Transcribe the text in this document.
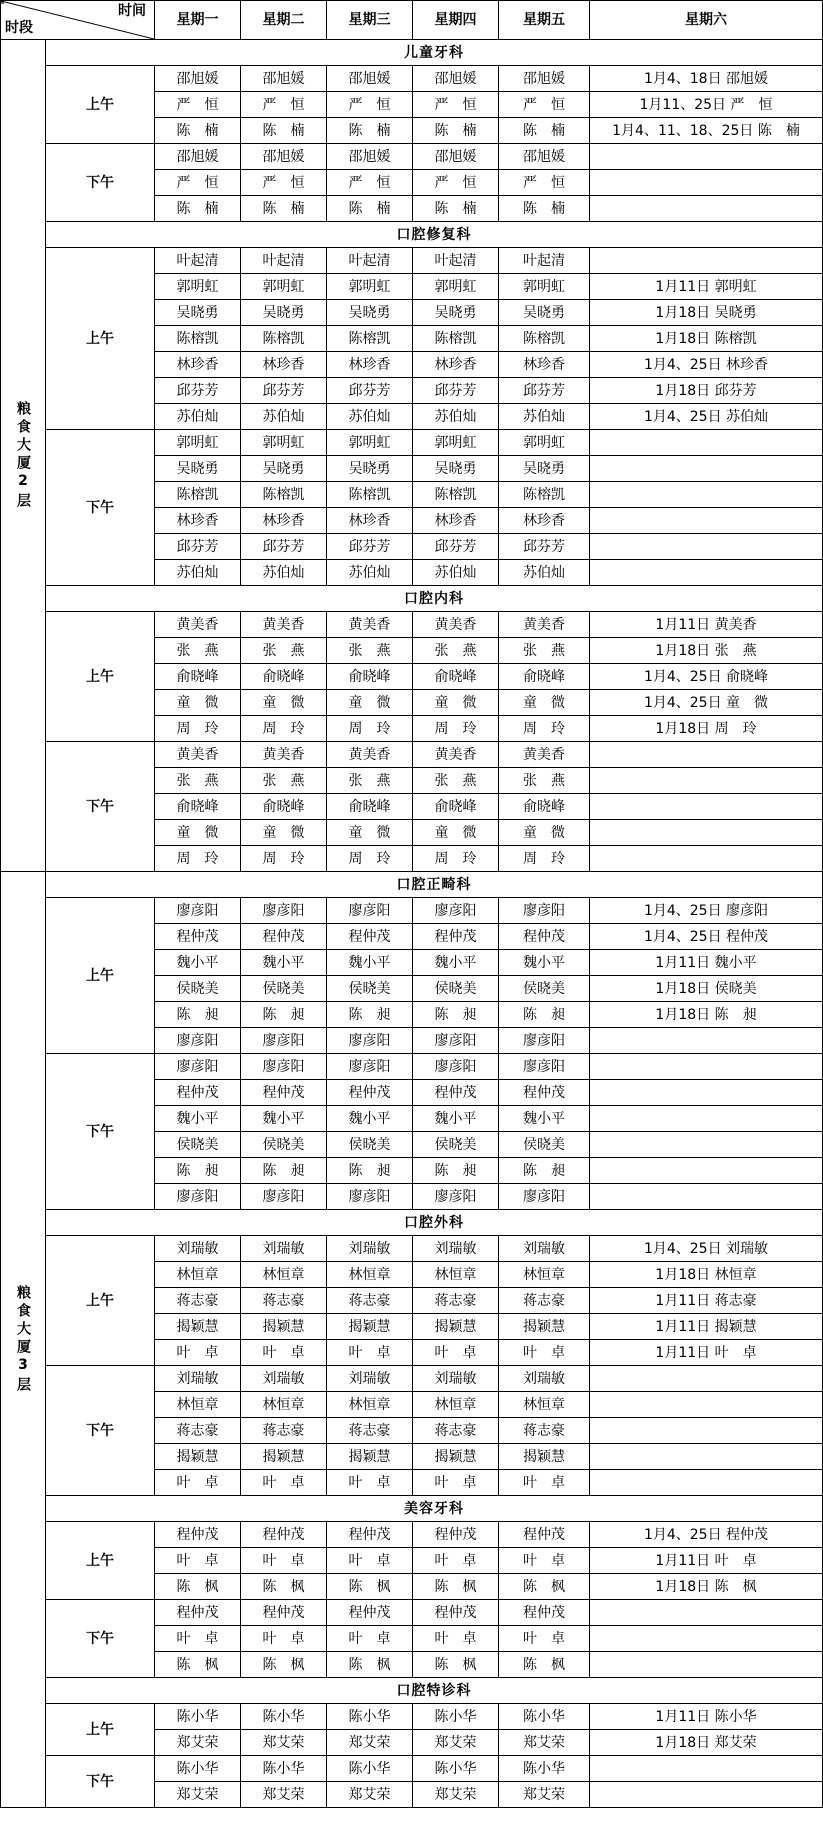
时间
时段		星期一	星期二	星期三	星期四	星期五	星期六
粮食大厦2层	儿童牙科						
	上午	邵旭媛	邵旭媛	邵旭媛	邵旭媛	邵旭媛	1月4、18日 邵旭媛
		严　恒	严　恒	严　恒	严　恒	严　恒	1月11、25日 严　恒
		陈　楠	陈　楠	陈　楠	陈　楠	陈　楠	1月4、11、18、25日 陈　楠
	下午	邵旭媛	邵旭媛	邵旭媛	邵旭媛	邵旭媛	
		严　恒	严　恒	严　恒	严　恒	严　恒	
		陈　楠	陈　楠	陈　楠	陈　楠	陈　楠	
	口腔修复科						
	上午	叶起清	叶起清	叶起清	叶起清	叶起清	
		郭明虹	郭明虹	郭明虹	郭明虹	郭明虹	1月11日 郭明虹
		吴晓勇	吴晓勇	吴晓勇	吴晓勇	吴晓勇	1月18日 吴晓勇
		陈榕凯	陈榕凯	陈榕凯	陈榕凯	陈榕凯	1月18日 陈榕凯
		林珍香	林珍香	林珍香	林珍香	林珍香	1月4、25日 林珍香
		邱芬芳	邱芬芳	邱芬芳	邱芬芳	邱芬芳	1月18日 邱芬芳
		苏伯灿	苏伯灿	苏伯灿	苏伯灿	苏伯灿	1月4、25日 苏伯灿
	下午	郭明虹	郭明虹	郭明虹	郭明虹	郭明虹	
		吴晓勇	吴晓勇	吴晓勇	吴晓勇	吴晓勇	
		陈榕凯	陈榕凯	陈榕凯	陈榕凯	陈榕凯	
		林珍香	林珍香	林珍香	林珍香	林珍香	
		邱芬芳	邱芬芳	邱芬芳	邱芬芳	邱芬芳	
		苏伯灿	苏伯灿	苏伯灿	苏伯灿	苏伯灿	
	口腔内科						
	上午	黄美香	黄美香	黄美香	黄美香	黄美香	1月11日 黄美香
		张　燕	张　燕	张　燕	张　燕	张　燕	1月18日 张　燕
		俞晓峰	俞晓峰	俞晓峰	俞晓峰	俞晓峰	1月4、25日 俞晓峰
		童　微	童　微	童　微	童　微	童　微	1月4、25日 童　微
		周　玲	周　玲	周　玲	周　玲	周　玲	1月18日 周　玲
	下午	黄美香	黄美香	黄美香	黄美香	黄美香	
		张　燕	张　燕	张　燕	张　燕	张　燕	
		俞晓峰	俞晓峰	俞晓峰	俞晓峰	俞晓峰	
		童　微	童　微	童　微	童　微	童　微	
		周　玲	周　玲	周　玲	周　玲	周　玲	
粮食大厦3层	口腔正畸科						
	上午	廖彦阳	廖彦阳	廖彦阳	廖彦阳	廖彦阳	1月4、25日 廖彦阳
		程仲茂	程仲茂	程仲茂	程仲茂	程仲茂	1月4、25日 程仲茂
		魏小平	魏小平	魏小平	魏小平	魏小平	1月11日 魏小平
		侯晓美	侯晓美	侯晓美	侯晓美	侯晓美	1月18日 侯晓美
		陈　昶	陈　昶	陈　昶	陈　昶	陈　昶	1月18日 陈　昶
		廖彦阳	廖彦阳	廖彦阳	廖彦阳	廖彦阳	
	下午	廖彦阳	廖彦阳	廖彦阳	廖彦阳	廖彦阳	
		程仲茂	程仲茂	程仲茂	程仲茂	程仲茂	
		魏小平	魏小平	魏小平	魏小平	魏小平	
		侯晓美	侯晓美	侯晓美	侯晓美	侯晓美	
		陈　昶	陈　昶	陈　昶	陈　昶	陈　昶	
		廖彦阳	廖彦阳	廖彦阳	廖彦阳	廖彦阳	
	口腔外科						
	上午	刘瑞敏	刘瑞敏	刘瑞敏	刘瑞敏	刘瑞敏	1月4、25日 刘瑞敏
		林恒章	林恒章	林恒章	林恒章	林恒章	1月18日 林恒章
		蒋志豪	蒋志豪	蒋志豪	蒋志豪	蒋志豪	1月11日 蒋志豪
		揭颖慧	揭颖慧	揭颖慧	揭颖慧	揭颖慧	1月11日 揭颖慧
		叶　卓	叶　卓	叶　卓	叶　卓	叶　卓	1月11日 叶　卓
	下午	刘瑞敏	刘瑞敏	刘瑞敏	刘瑞敏	刘瑞敏	
		林恒章	林恒章	林恒章	林恒章	林恒章	
		蒋志豪	蒋志豪	蒋志豪	蒋志豪	蒋志豪	
		揭颖慧	揭颖慧	揭颖慧	揭颖慧	揭颖慧	
		叶　卓	叶　卓	叶　卓	叶　卓	叶　卓	
	美容牙科						
	上午	程仲茂	程仲茂	程仲茂	程仲茂	程仲茂	1月4、25日 程仲茂
		叶　卓	叶　卓	叶　卓	叶　卓	叶　卓	1月11日 叶　卓
		陈　枫	陈　枫	陈　枫	陈　枫	陈　枫	1月18日 陈　枫
	下午	程仲茂	程仲茂	程仲茂	程仲茂	程仲茂	
		叶　卓	叶　卓	叶　卓	叶　卓	叶　卓	
		陈　枫	陈　枫	陈　枫	陈　枫	陈　枫	
	口腔特诊科						
	上午	陈小华	陈小华	陈小华	陈小华	陈小华	1月11日 陈小华
		郑艾荣	郑艾荣	郑艾荣	郑艾荣	郑艾荣	1月18日 郑艾荣
	下午	陈小华	陈小华	陈小华	陈小华	陈小华	
		郑艾荣	郑艾荣	郑艾荣	郑艾荣	郑艾荣	
